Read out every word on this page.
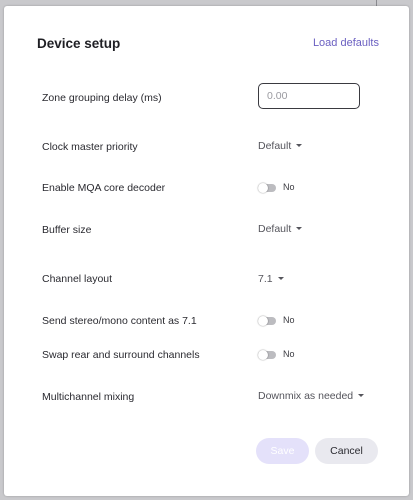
Device setup	Load defaults
Zone grouping delay (ms)	0.00
Clock master priority	Default
Enable MQA core decoder	No
Buffer size	Default
Channel layout	7.1
Send stereo/mono content as 7.1	No
Swap rear and surround channels	No
Multichannel mixing	Downmix as needed
Save	Cancel
